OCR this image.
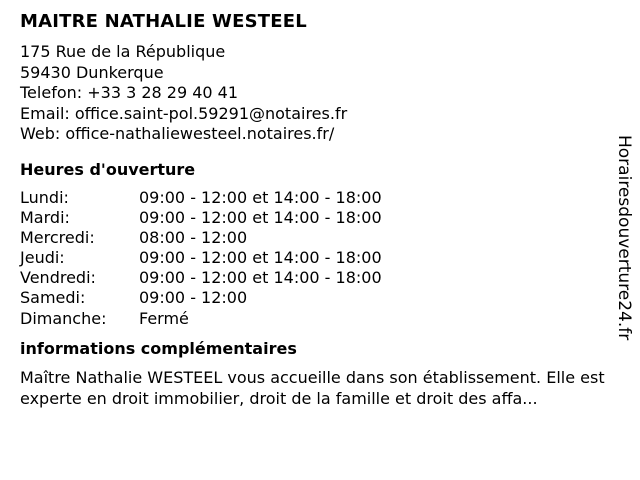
MAITRE NATHALIE WESTEEL
175 Rue de la République
59430 Dunkerque
Telefon: +33 3 28 29 40 41
Email: office.saint-pol.59291@notaires.fr
Web: office-nathaliewesteel.notaires.fr/
Heures d'ouverture
Lundi:	09:00 - 12:00 et 14:00 - 18:00
Mardi:	09:00 - 12:00 et 14:00 - 18:00
Mercredi:	08:00 - 12:00
Jeudi:	09:00 - 12:00 et 14:00 - 18:00
Vendredi:	09:00 - 12:00 et 14:00 - 18:00
Samedi:	09:00 - 12:00
Dimanche: Fermé
informations complémentaires

Maître Nathalie WESTEEL vous accueille dans son établissement. Elle est experte en droit immobilier, droit de la famille et droit des affa...

Horairesdouverture24.fr
